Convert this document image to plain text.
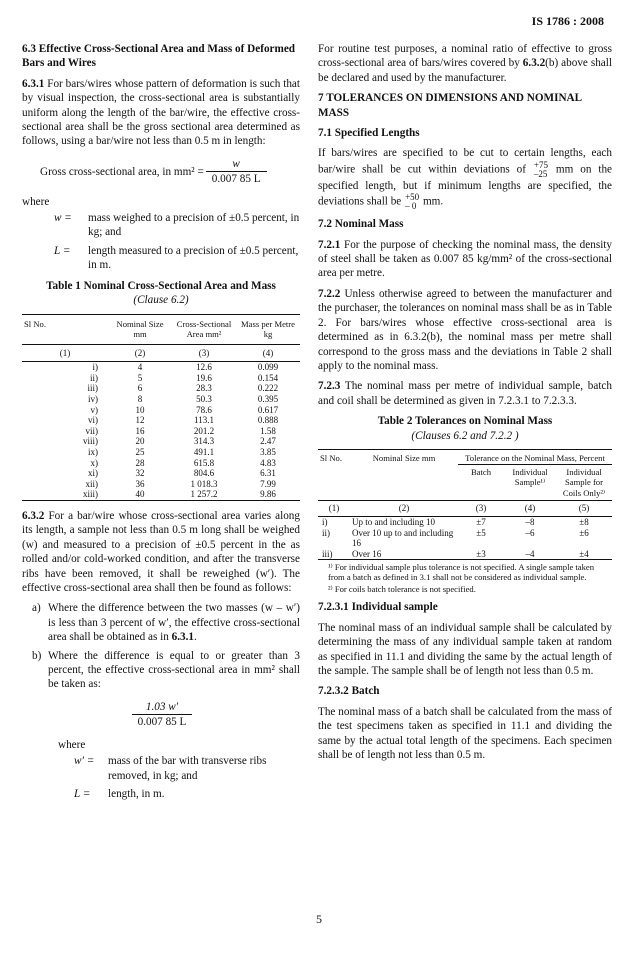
IS 1786 : 2008
6.3 Effective Cross-Sectional Area and Mass of Deformed Bars and Wires

6.3.1 For bars/wires whose pattern of deformation is such that by visual inspection, the cross-sectional area is substantially uniform along the length of the bar/wire, the effective cross-sectional area shall be the gross sectional area determined as follows, using a bar/wire not less than 0.5 m in length:

Gross cross-sectional area, in $mm^2 = \frac{w}{0.007 85 L}$
where
w =	mass weighed to a precision of ±0.5 percent, in kg; and
L =	length measured to a precision of ±0.5 percent, in m.
Table 1 Nominal Cross-Sectional Area and Mass
(Clause 6.2)
Sl No.	Nominal Size mm	Cross-Sectional Area mm²	Mass per Metre kg
(1)	(2)	(3)	(4)
i)	4	12.6	0.099
ii)	5	19.6	0.154
iii)	6	28.3	0.222
iv)	8	50.3	0.395
v)	10	78.6	0.617
vi)	12	113.1	0.888
vii)	16	201.2	1.58
viii)	20	314.3	2.47
ix)	25	491.1	3.85
x)	28	615.8	4.83
xi)	32	804.6	6.31
xii)	36	1 018.3	7.99
xiii)	40	1 257.2	9.86

6.3.2 For a bar/wire whose cross-sectional area varies along its length, a sample not less than 0.5 m long shall be weighed (w) and measured to a precision of ±0.5 percent in the as rolled and/or cold-worked condition, and after the transverse ribs have been removed, it shall be reweighed (w′). The effective cross-sectional area shall then be found as follows:

a) Where the difference between the two masses (w – w′) is less than 3 percent of w′, the effective cross-sectional area shall be obtained as in 6.3.1.
b) Where the difference is equal to or greater than 3 percent, the effective cross-sectional area in mm² shall be taken as:
$\frac{1.03 w'}{0.007 85 L}$
where
w′ =	mass of the bar with transverse ribs removed, in kg; and
L =	length, in m.

For routine test purposes, a nominal ratio of effective to gross cross-sectional area of bars/wires covered by 6.3.2(b) above shall be declared and used by the manufacturer.

7 TOLERANCES ON DIMENSIONS AND NOMINAL MASS
7.1 Specified Lengths

If bars/wires are specified to be cut to certain lengths, each bar/wire shall be cut within deviations of +75
–25 mm on the specified length, but if minimum lengths are specified, the deviations shall be +50
– 0 mm.

7.2 Nominal Mass

7.2.1 For the purpose of checking the nominal mass, the density of steel shall be taken as 0.007 85 kg/mm² of the cross-sectional area per metre.

7.2.2 Unless otherwise agreed to between the manufacturer and the purchaser, the tolerances on nominal mass shall be as in Table 2. For bars/wires whose effective cross-sectional area is determined as in 6.3.2(b), the nominal mass per metre shall correspond to the gross mass and the deviations in Table 2 shall apply to the nominal mass.

7.2.3 The nominal mass per metre of individual sample, batch and coil shall be determined as given in 7.2.3.1 to 7.2.3.3.

Table 2 Tolerances on Nominal Mass
(Clauses 6.2 and 7.2.2 )
Sl No.	Nominal Size mm	Tolerance on the Nominal Mass, Percent		
		Batch	Individual Sample¹⁾	Individual Sample for Coils Only²⁾
(1)	(2)	(3)	(4)	(5)
i)	Up to and including 10	±7	–8	±8
ii)	Over 10 up to and including 16	±5	–6	±6
iii)	Over 16	±3	–4	±4
¹⁾ For individual sample plus tolerance is not specified. A single sample taken from a batch as defined in 3.1 shall not be considered as individual sample.
²⁾ For coils batch tolerance is not specified.
7.2.3.1 Individual sample

The nominal mass of an individual sample shall be calculated by determining the mass of any individual sample taken at random as specified in 11.1 and dividing the same by the actual length of the sample. The sample shall be of length not less than 0.5 m.

7.2.3.2 Batch

The nominal mass of a batch shall be calculated from the mass of the test specimens taken as specified in 11.1 and dividing the same by the actual total length of the specimens. Each specimen shall be of length not less than 0.5 m.

5
